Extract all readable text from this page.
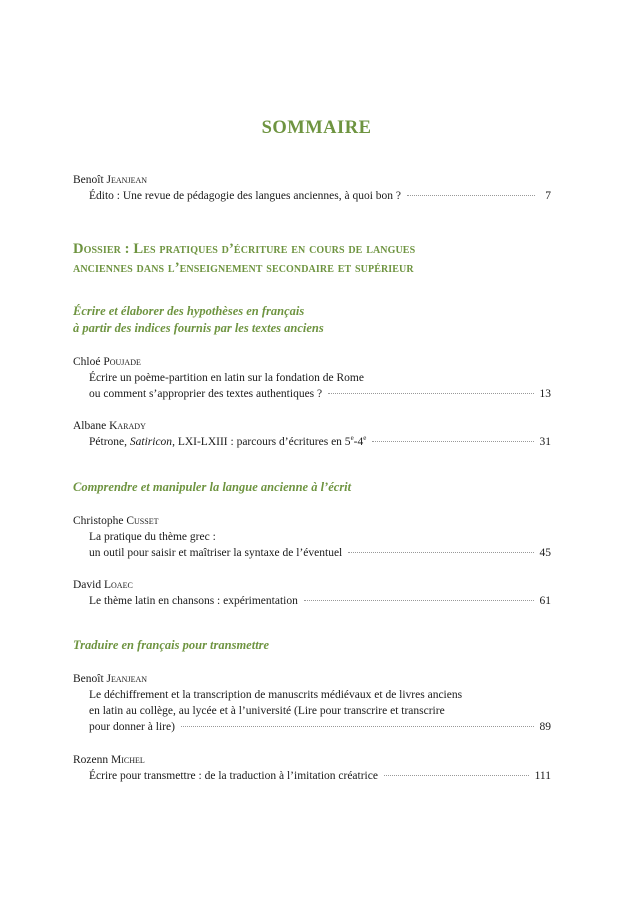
SOMMAIRE
Benoît Jeanjean
Édito : Une revue de pédagogie des langues anciennes, à quoi bon ?	7
Dossier : Les pratiques d’écriture en cours de langues
anciennes dans l’enseignement secondaire et supérieur
Écrire et élaborer des hypothèses en français
à partir des indices fournis par les textes anciens
Chloé Poujade
Écrire un poème-partition en latin sur la fondation de Rome
ou comment s’approprier des textes authentiques ?	13
Albane Karady
Pétrone, Satiricon, LXI-LXIII : parcours d’écritures en 5e-4e	31
Comprendre et manipuler la langue ancienne à l’écrit
Christophe Cusset
La pratique du thème grec :
un outil pour saisir et maîtriser la syntaxe de l’éventuel	45
David Loaec
Le thème latin en chansons : expérimentation	61
Traduire en français pour transmettre
Benoît Jeanjean
Le déchiffrement et la transcription de manuscrits médiévaux et de livres anciens
en latin au collège, au lycée et à l’université (Lire pour transcrire et transcrire
pour donner à lire)	89
Rozenn Michel
Écrire pour transmettre : de la traduction à l’imitation créatrice	111
